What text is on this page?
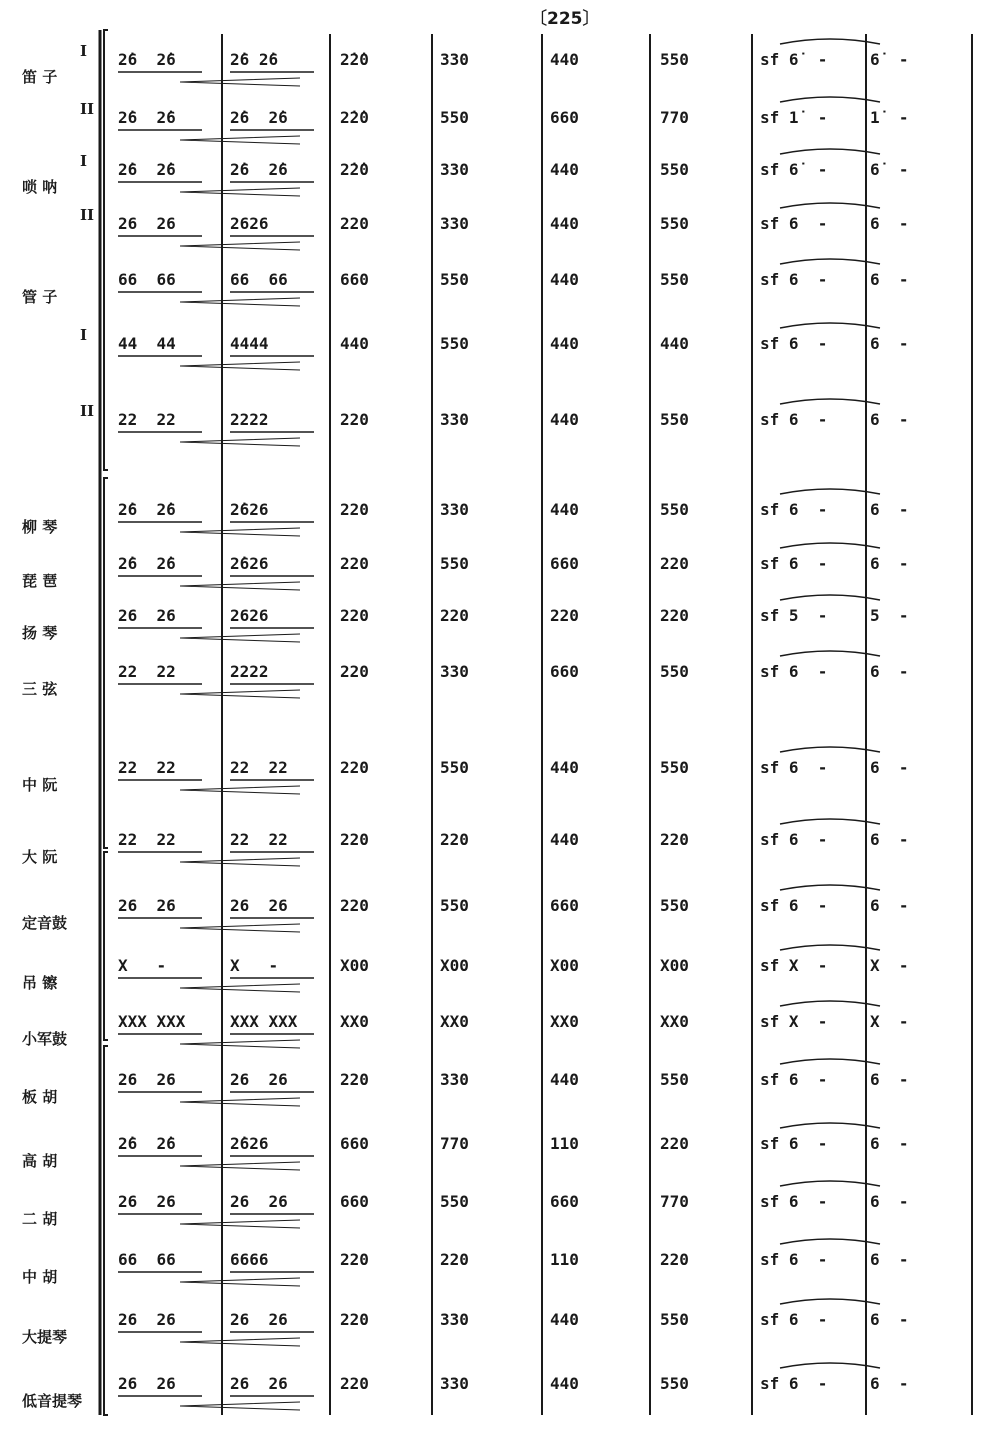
〔225〕
笛 子
I 2̇6  2̇6	2̇6 2̇6	2̇2̇0	330	440	550	sf 6̇  -	6̇  -
II 2̇6  2̇6	2̇6  2̇6	2̇2̇0	550	660	770	sf 1̇  -	1̇  -
唢 呐
I 2̇6  2̇6	2̇6  2̇6	2̇2̇0	330	440	550	sf 6̇  -	6̇  -
II 26  26	2626	220	330	440	550	sf 6  -	6  -
管 子
66  66	66  66	660	550	440	550	sf 6  -	6  -
I 44  44	4444	440	550	440	440	sf 6  -	6  -
II 22  22	2222	220	330	440	550	sf 6  -	6  -
柳 琴
2̇6  2̇6	2̇626	220	330	440	550	sf 6  -	6  -
琵 琶
2̇6  2̇6	2̇626	220	550	660	220	sf 6  -	6  -
扬 琴
26  26	2626	220	220	220	220	sf 5  -	5  -
三 弦
22  22	2222	220	330	660	550	sf 6  -	6  -
中 阮
22  22	22  22	220	550	440	550	sf 6  -	6  -
大 阮
22  22	22  22	220	220	440	220	sf 6  -	6  -
定音鼓
26  26	26  26	220	550	660	550	sf 6  -	6  -
吊 镲
X   -	X   -	X00	X00	X00	X00	sf X  -	X  -
小军鼓
XXX XXX	XXX XXX	XX0	XX0	XX0	XX0	sf X  -	X  -
板 胡
26  26	26  26	220	330	440	550	sf 6  -	6  -
高 胡
2̇6  2̇6	2̇626	660	770	110	220	sf 6  -	6  -
二 胡
26  26	26  26	660	550	660	770	sf 6  -	6  -
中 胡
66  66	6666	220	220	110	220	sf 6  -	6  -
大提琴
26  26	26  26	220	330	440	550	sf 6  -	6  -
低音提琴
26  26	26  26	220	330	440	550	sf 6  -	6  -
